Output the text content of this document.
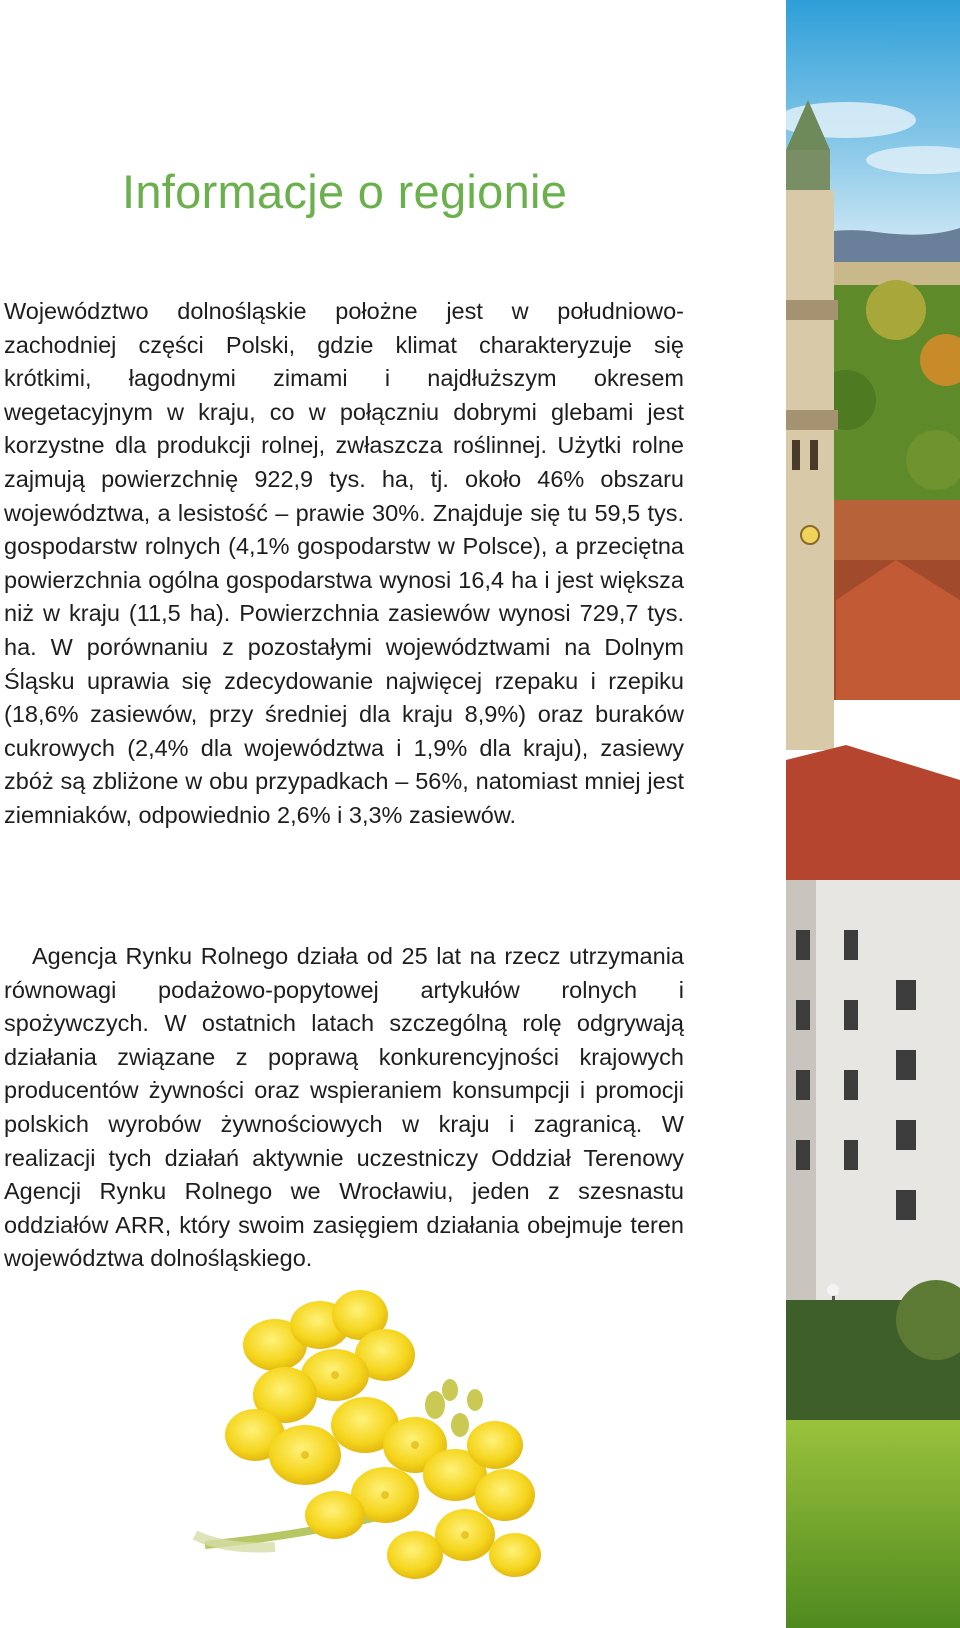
Informacje o regionie

Województwo dolnośląskie położne jest w południowo-zachodniej części Polski, gdzie klimat charakteryzuje się krótkimi, łagodnymi zimami i najdłuższym okresem wegetacyjnym w kraju, co w połączniu dobrymi glebami jest korzystne dla produkcji rolnej, zwłaszcza roślinnej. Użytki rolne zajmują powierzchnię 922,9 tys. ha, tj. około 46% obszaru województwa, a lesistość – prawie 30%. Znajduje się tu 59,5 tys. gospodarstw rolnych (4,1% gospodarstw w Polsce), a przeciętna powierzchnia ogólna gospodarstwa wynosi 16,4 ha i jest większa niż w kraju (11,5 ha). Powierzchnia zasiewów wynosi 729,7 tys. ha. W porównaniu z pozostałymi województwami na Dolnym Śląsku uprawia się zdecydowanie najwięcej rzepaku i rzepiku (18,6% zasiewów, przy średniej dla kraju 8,9%) oraz buraków cukrowych (2,4% dla województwa i 1,9% dla kraju), zasiewy zbóż są zbliżone w obu przypadkach – 56%, natomiast mniej jest ziemniaków, odpowiednio 2,6% i 3,3% zasiewów.

Agencja Rynku Rolnego działa od 25 lat na rzecz utrzymania równowagi podażowo-popytowej artykułów rolnych i spożywczych. W ostatnich latach szczególną rolę odgrywają działania związane z poprawą konkurencyjności krajowych producentów żywności oraz wspieraniem konsumpcji i promocji polskich wyrobów żywnościowych w kraju i zagranicą. W realizacji tych działań aktywnie uczestniczy Oddział Terenowy Agencji Rynku Rolnego we Wrocławiu, jeden z szesnastu oddziałów ARR, który swoim zasięgiem działania obejmuje teren województwa dolnośląskiego.
